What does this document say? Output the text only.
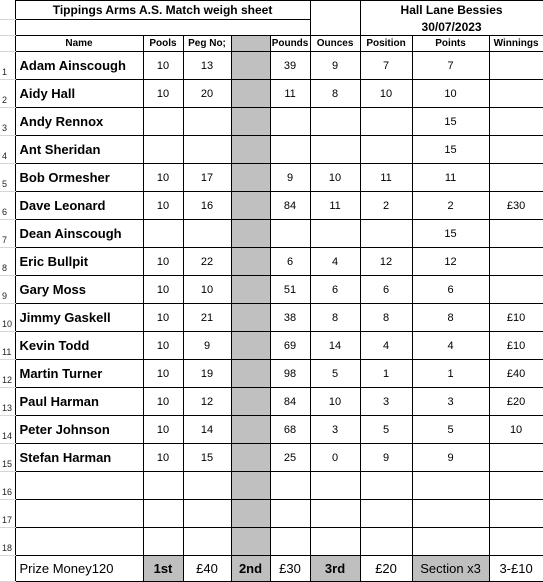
	Tippings Arms A.S. Match weigh sheet						Hall Lane Bessies		
							30/07/2023		
	Name	Pools	Peg No;		Pounds	Ounces	Position	Points	Winnings
1	Adam Ainscough	10	13		39	9	7	7	
2	Aidy Hall	10	20		11	8	10	10	
3	Andy Rennox							15	
4	Ant Sheridan							15	
5	Bob Ormesher	10	17		9	10	11	11	
6	Dave Leonard	10	16		84	11	2	2	£30
7	Dean Ainscough							15	
8	Eric Bullpit	10	22		6	4	12	12	
9	Gary Moss	10	10		51	6	6	6	
10	Jimmy Gaskell	10	21		38	8	8	8	£10
11	Kevin Todd	10	9		69	14	4	4	£10
12	Martin Turner	10	19		98	5	1	1	£40
13	Paul Harman	10	12		84	10	3	3	£20
14	Peter Johnson	10	14		68	3	5	5	10
15	Stefan Harman	10	15		25	0	9	9	
16									
17									
18									
	Prize Money120	1st	£40	2nd	£30	3rd	£20	Section x3	3-£10
